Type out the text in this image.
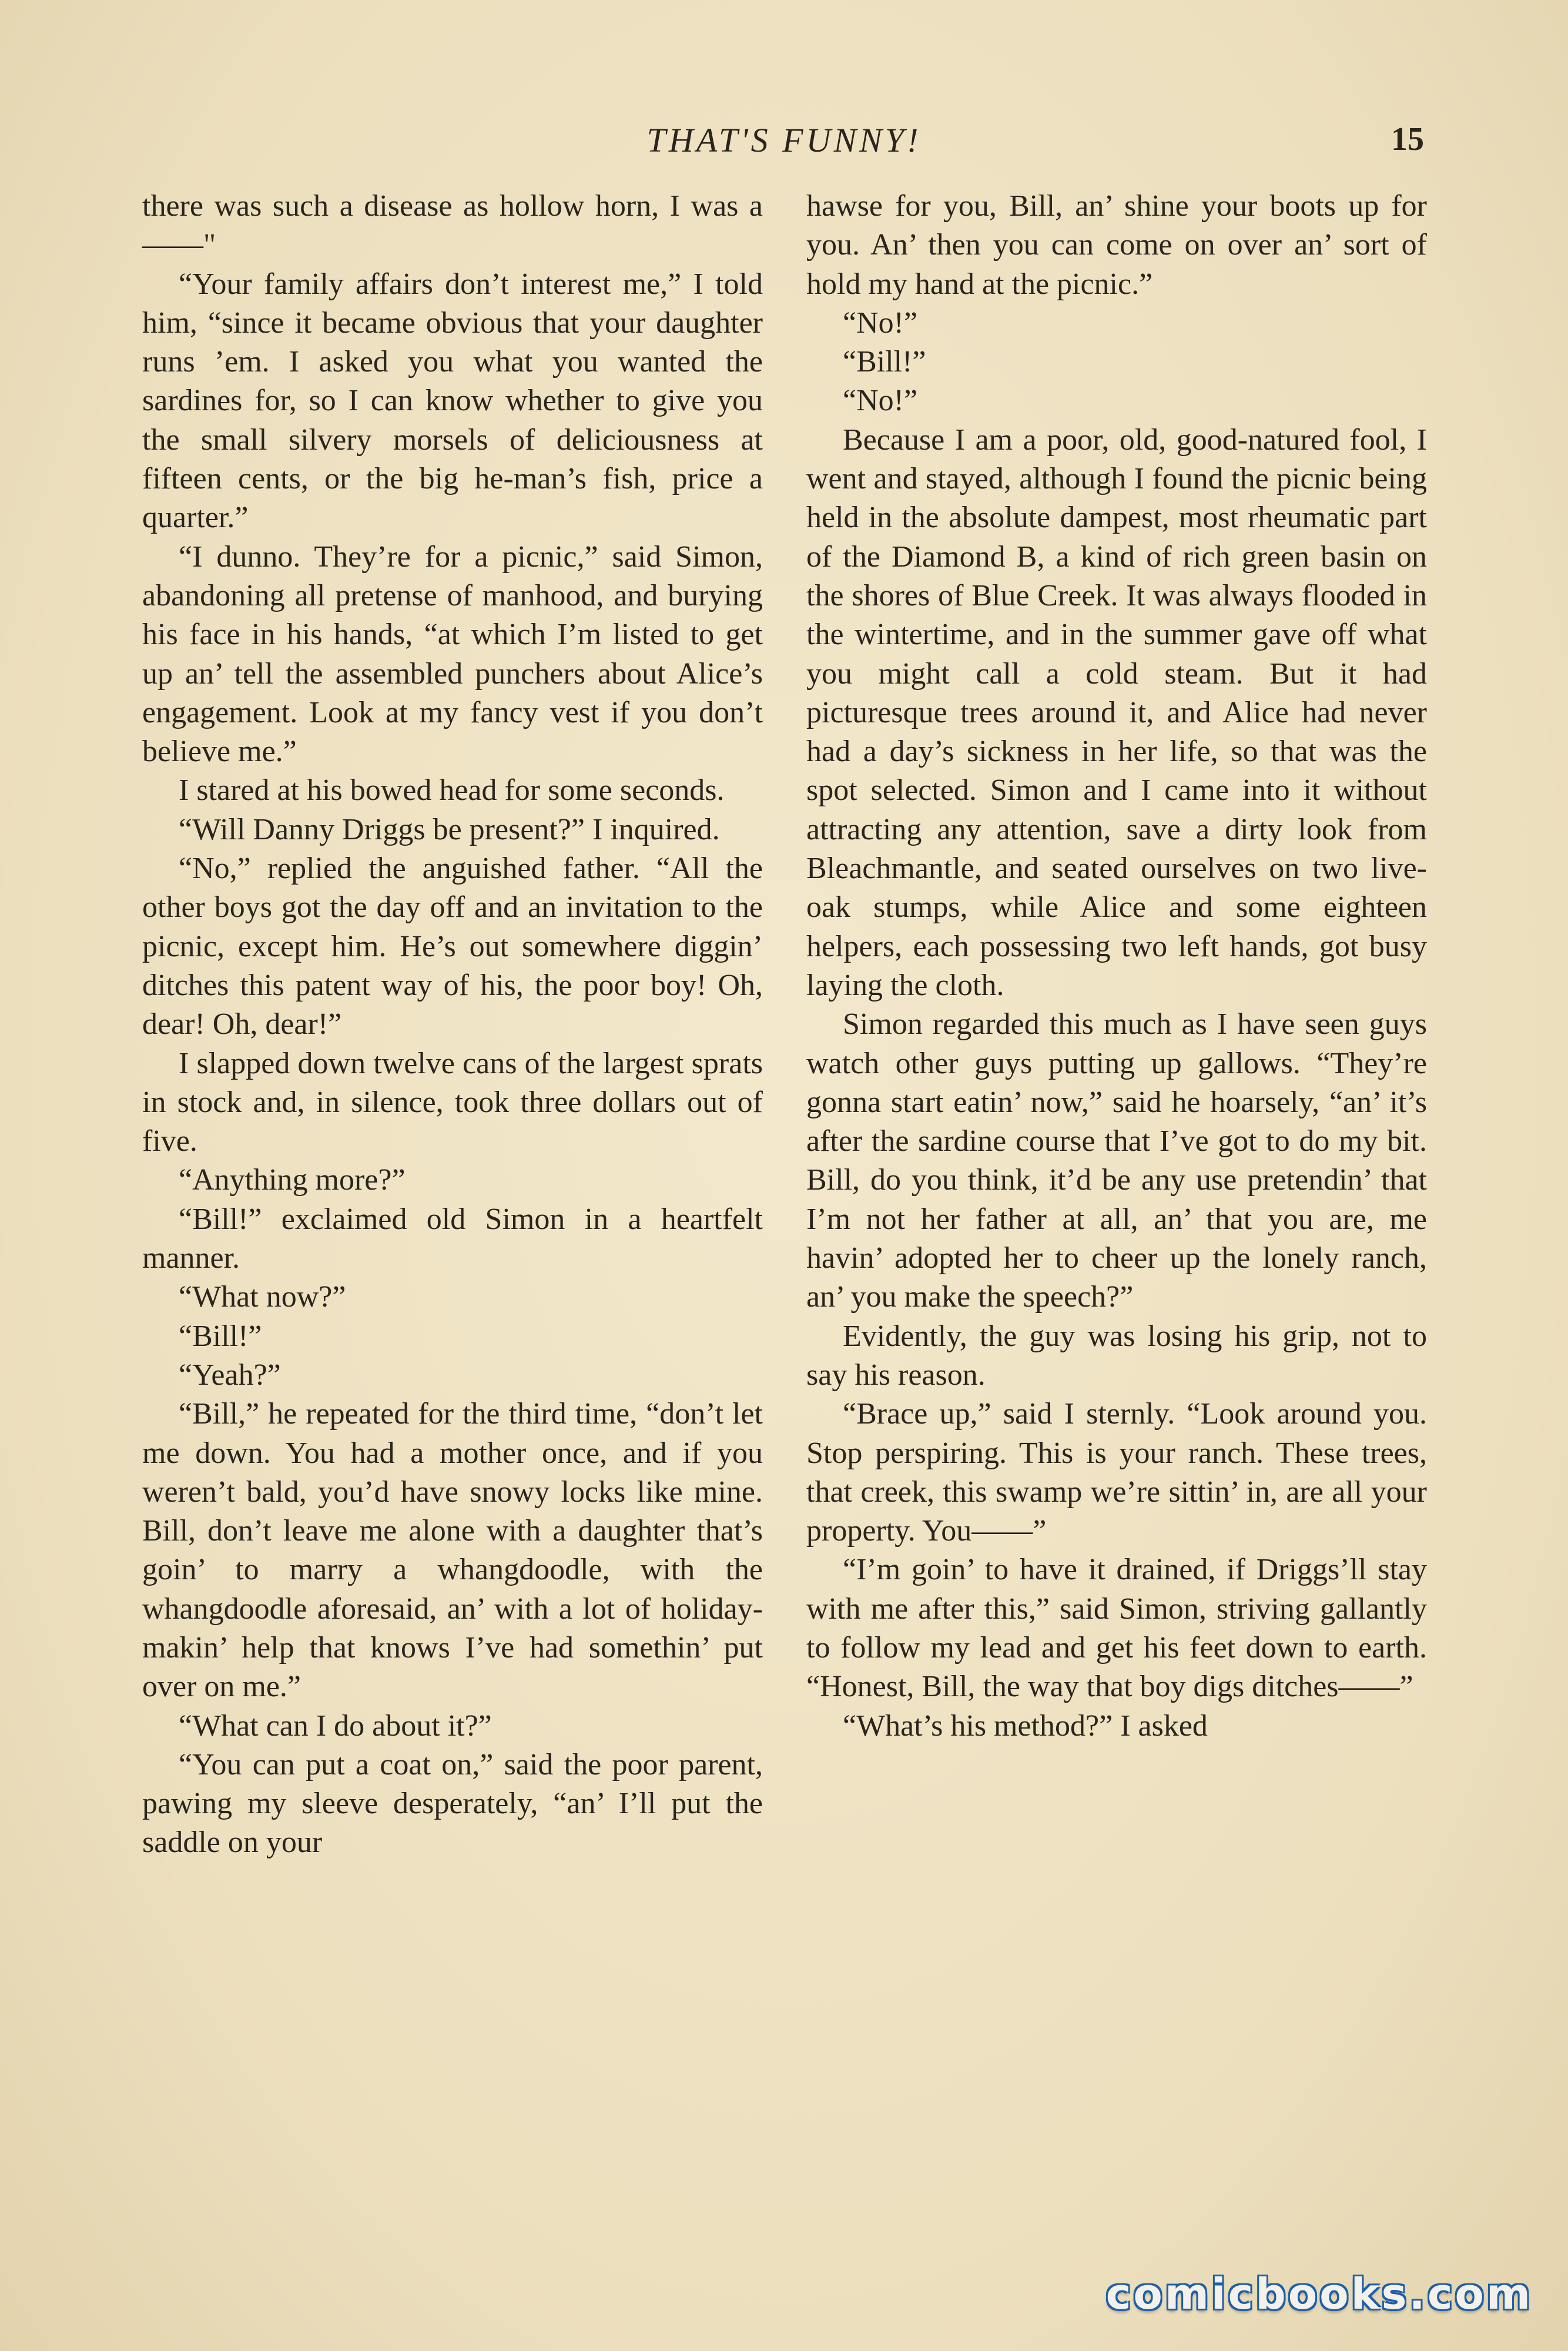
THAT'S FUNNY!	15

there was such a disease as hollow horn, I was a——"

“Your family affairs don’t interest me,” I told him, “since it became obvious that your daughter runs ’em. I asked you what you wanted the sardines for, so I can know whether to give you the small silvery morsels of deliciousness at fifteen cents, or the big he-man’s fish, price a quarter.”

“I dunno. They’re for a picnic,” said Simon, abandoning all pretense of manhood, and burying his face in his hands, “at which I’m listed to get up an’ tell the assembled punchers about Alice’s engagement. Look at my fancy vest if you don’t believe me.”

I stared at his bowed head for some seconds.

“Will Danny Driggs be present?” I inquired.

“No,” replied the anguished father. “All the other boys got the day off and an invitation to the picnic, except him. He’s out somewhere diggin’ ditches this patent way of his, the poor boy! Oh, dear! Oh, dear!”

I slapped down twelve cans of the largest sprats in stock and, in silence, took three dollars out of five.

“Anything more?”

“Bill!” exclaimed old Simon in a heartfelt manner.

“What now?”

“Bill!”

“Yeah?”

“Bill,” he repeated for the third time, “don’t let me down. You had a mother once, and if you weren’t bald, you’d have snowy locks like mine. Bill, don’t leave me alone with a daughter that’s goin’ to marry a whangdoodle, with the whangdoodle aforesaid, an’ with a lot of holiday-makin’ help that knows I’ve had somethin’ put over on me.”

“What can I do about it?”

“You can put a coat on,” said the poor parent, pawing my sleeve desperately, “an’ I’ll put the saddle on your

hawse for you, Bill, an’ shine your boots up for you. An’ then you can come on over an’ sort of hold my hand at the picnic.”

“No!”

“Bill!”

“No!”

Because I am a poor, old, good-natured fool, I went and stayed, although I found the picnic being held in the absolute dampest, most rheumatic part of the Diamond B, a kind of rich green basin on the shores of Blue Creek. It was always flooded in the wintertime, and in the summer gave off what you might call a cold steam. But it had picturesque trees around it, and Alice had never had a day’s sickness in her life, so that was the spot selected. Simon and I came into it without attracting any attention, save a dirty look from Bleachmantle, and seated ourselves on two live-oak stumps, while Alice and some eighteen helpers, each possessing two left hands, got busy laying the cloth.

Simon regarded this much as I have seen guys watch other guys putting up gallows. “They’re gonna start eatin’ now,” said he hoarsely, “an’ it’s after the sardine course that I’ve got to do my bit. Bill, do you think, it’d be any use pretendin’ that I’m not her father at all, an’ that you are, me havin’ adopted her to cheer up the lonely ranch, an’ you make the speech?”

Evidently, the guy was losing his grip, not to say his reason.

“Brace up,” said I sternly. “Look around you. Stop perspiring. This is your ranch. These trees, that creek, this swamp we’re sittin’ in, are all your property. You——”

“I’m goin’ to have it drained, if Driggs’ll stay with me after this,” said Simon, striving gallantly to follow my lead and get his feet down to earth. “Honest, Bill, the way that boy digs ditches——”

“What’s his method?” I asked

comicbooks.com
